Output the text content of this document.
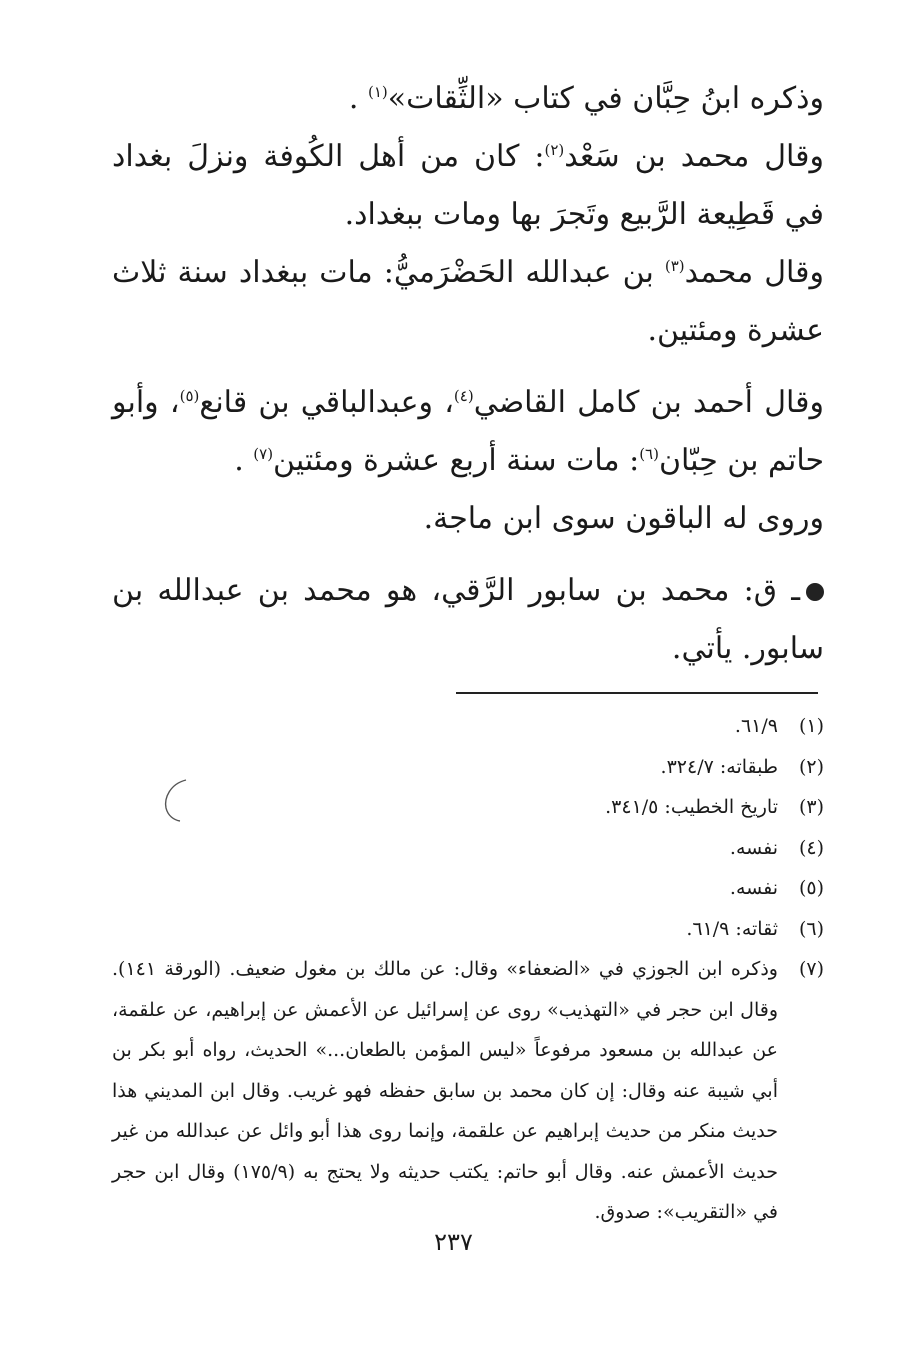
وذكره ابنُ حِبَّان في كتاب «الثِّقات»$^{(١)}$ .

وقال محمد بن سَعْد$^{(٢)}$: كان من أهل الكُوفة ونزلَ بغداد في قَطِيعة الرَّبيع وتَجرَ بها ومات ببغداد.

وقال محمد$^{(٣)}$ بن عبدالله الحَضْرَميُّ: مات ببغداد سنة ثلاث عشرة ومئتين.

وقال أحمد بن كامل القاضي$^{(٤)}$، وعبدالباقي بن قانع$^{(٥)}$، وأبو حاتم بن حِبّان$^{(٦)}$: مات سنة أربع عشرة ومئتين$^{(٧)}$ .

وروى له الباقون سوى ابن ماجة.

ـ ق: محمد بن سابور الرَّقي، هو محمد بن عبدالله بن سابور. يأتي.

(١)
٦١/٩.
(٢)
طبقاته: ٣٢٤/٧.
(٣)
تاريخ الخطيب: ٣٤١/٥.
(٤)
نفسه.
(٥)
نفسه.
(٦)
ثقاته: ٦١/٩.
(٧)
وذكره ابن الجوزي في «الضعفاء» وقال: عن مالك بن مغول ضعيف. (الورقة ١٤١). وقال ابن حجر في «التهذيب» روى عن إسرائيل عن الأعمش عن إبراهيم، عن علقمة، عن عبدالله بن مسعود مرفوعاً «ليس المؤمن بالطعان...» الحديث، رواه أبو بكر بن أبي شيبة عنه وقال: إن كان محمد بن سابق حفظه فهو غريب. وقال ابن المديني هذا حديث منكر من حديث إبراهيم عن علقمة، وإنما روى هذا أبو وائل عن عبدالله من غير حديث الأعمش عنه. وقال أبو حاتم: يكتب حديثه ولا يحتج به (١٧٥/٩) وقال ابن حجر في «التقريب»: صدوق.
٢٣٧
